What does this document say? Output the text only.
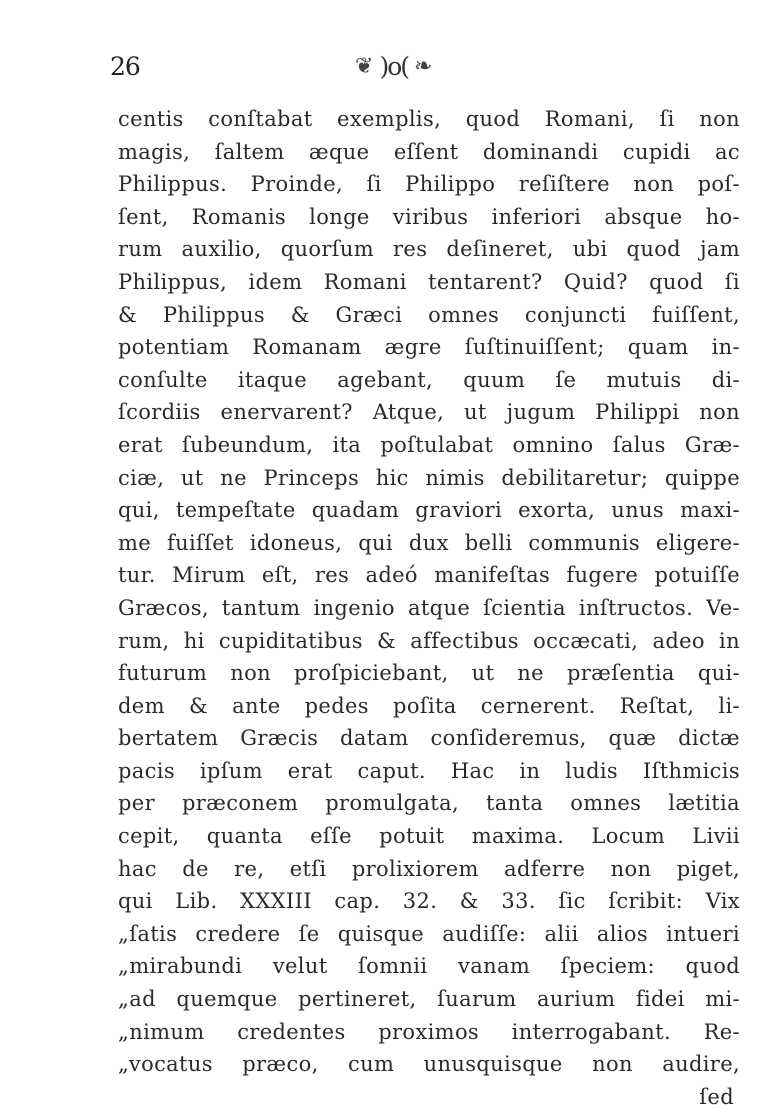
26	❦ )o( ❧
centis conſtabat exemplis, quod Romani, ſi non
magis, ſaltem æque eſſent dominandi cupidi ac
Philippus. Proinde, ſi Philippo reſiſtere non poſ-
ſent, Romanis longe viribus inferiori absque ho-
rum auxilio, quorſum res deſineret, ubi quod jam
Philippus, idem Romani tentarent? Quid? quod ſi
& Philippus & Græci omnes conjuncti fuiſſent,
potentiam Romanam ægre ſuſtinuiſſent; quam in-
conſulte itaque agebant, quum ſe mutuis di-
ſcordiis enervarent? Atque, ut jugum Philippi non
erat ſubeundum, ita poſtulabat omnino ſalus Græ-
ciæ, ut ne Princeps hic nimis debilitaretur; quippe
qui, tempeſtate quadam graviori exorta, unus maxi-
me fuiſſet idoneus, qui dux belli communis eligere-
tur. Mirum eſt, res adeó manifeſtas fugere potuiſſe
Græcos, tantum ingenio atque ſcientia inſtructos. Ve-
rum, hi cupiditatibus & affectibus occæcati, adeo in
futurum non proſpiciebant, ut ne præſentia qui-
dem & ante pedes poſita cernerent. Reſtat, li-
bertatem Græcis datam conſideremus, quæ dictæ
pacis ipſum erat caput. Hac in ludis Iſthmicis
per præconem promulgata, tanta omnes lætitia
cepit, quanta eſſe potuit maxima. Locum Livii
hac de re, etſi prolixiorem adferre non piget,
qui Lib. XXXIII cap. 32. & 33. ſic ſcribit: Vix
„ſatis credere ſe quisque audiſſe: alii alios intueri
„mirabundi velut ſomnii vanam ſpeciem: quod
„ad quemque pertineret, ſuarum aurium fidei mi-
„nimum credentes proximos interrogabant. Re-
„vocatus præco, cum unusquisque non audire,
ſed
